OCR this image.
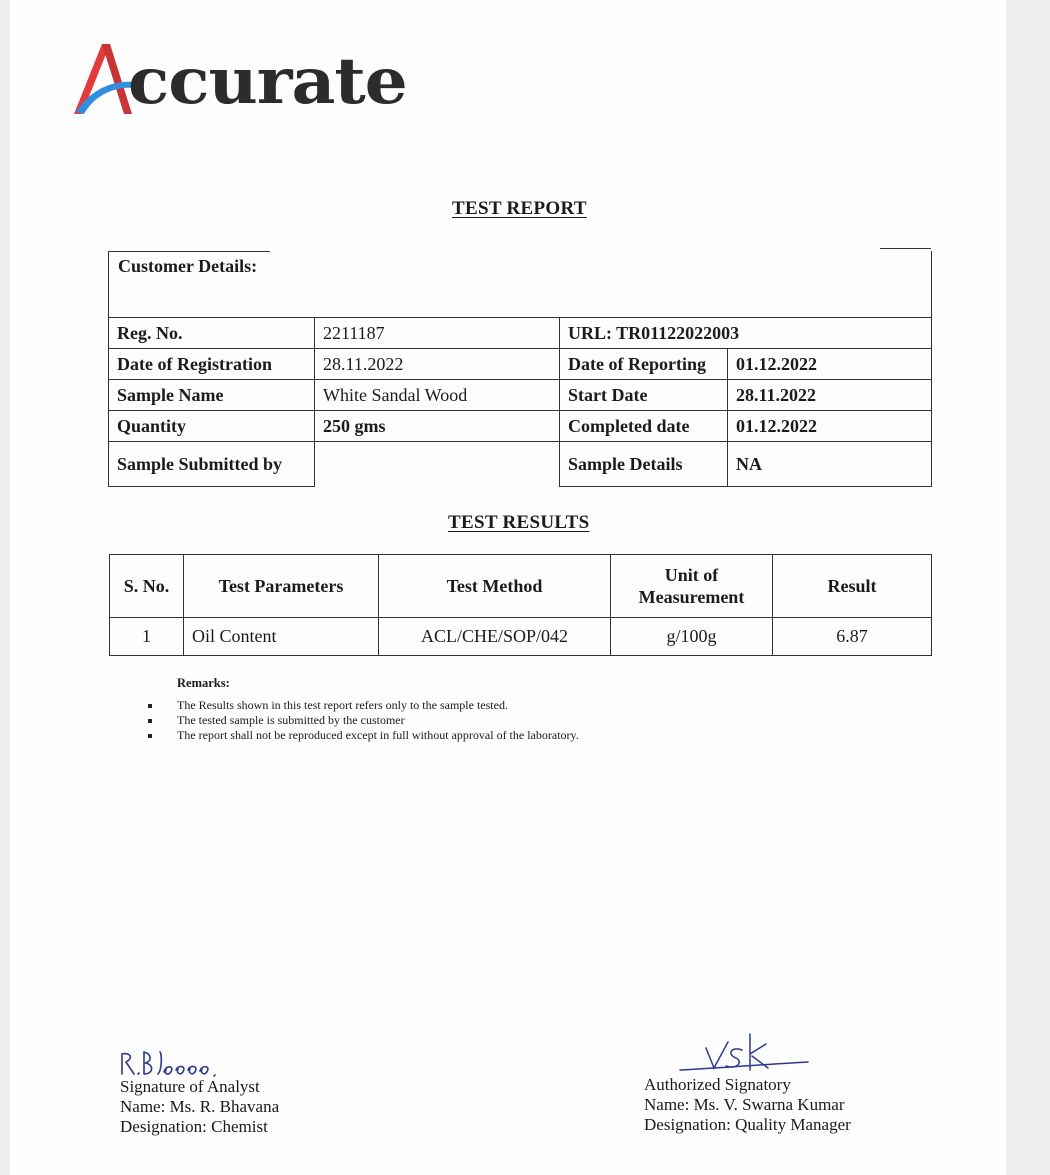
ccurate
TEST REPORT
Customer Details:
Reg. No.	2211187	URL: TR01122022003	
Date of Registration	28.11.2022	Date of Reporting	01.12.2022
Sample Name	White Sandal Wood	Start Date	28.11.2022
Quantity	250 gms	Completed date	01.12.2022
Sample Submitted by		Sample Details	NA
TEST RESULTS
S. No.	Test Parameters	Test Method	Unit of Measurement	Result
1	Oil Content	ACL/CHE/SOP/042	g/100g	6.87
Remarks:
The Results shown in this test report refers only to the sample tested.
The tested sample is submitted by the customer
The report shall not be reproduced except in full without approval of the laboratory.
Signature of Analyst
Name: Ms. R. Bhavana
Designation: Chemist
Authorized Signatory
Name: Ms. V. Swarna Kumar
Designation: Quality Manager
